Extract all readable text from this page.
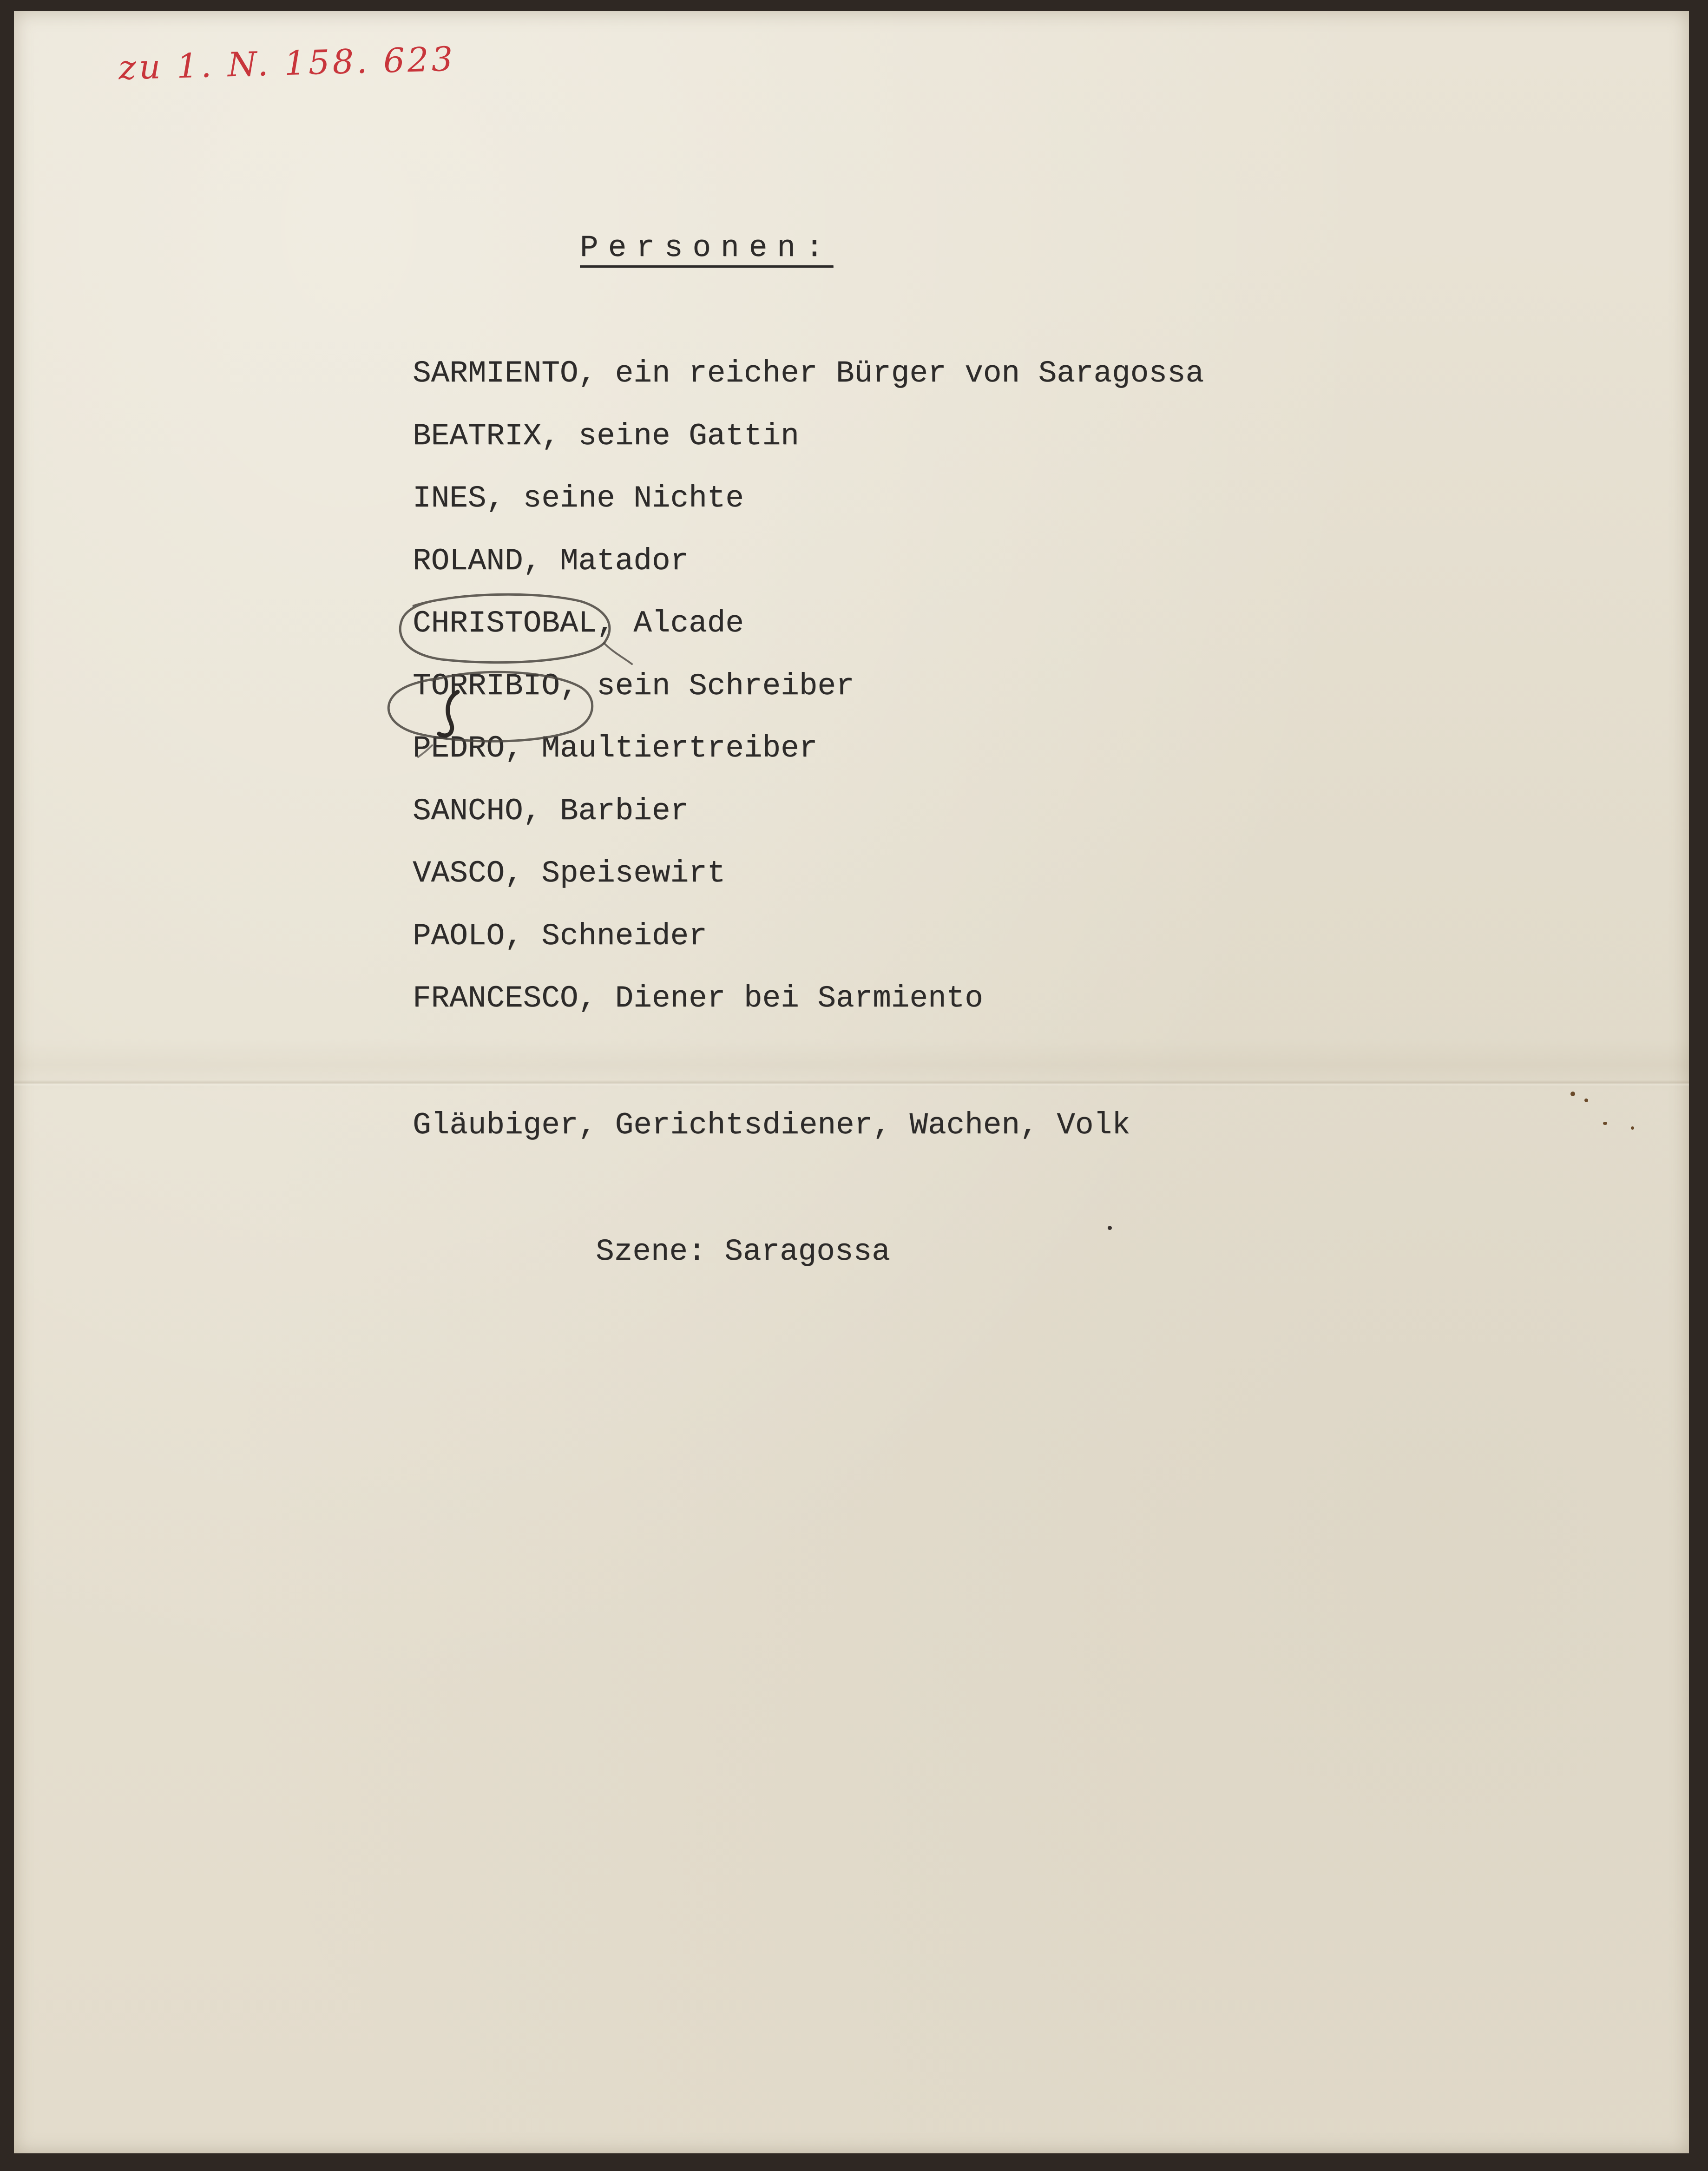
zu 1. N. 158. 623
Personen:
SARMIENTO, ein reicher Bürger von Saragossa
BEATRIX, seine Gattin
INES, seine Nichte
ROLAND, Matador
CHRISTOBAL, Alcade
TORRIBIO, sein Schreiber
PEDRO, Maultiertreiber
SANCHO, Barbier
VASCO, Speisewirt
PAOLO, Schneider
FRANCESCO, Diener bei Sarmiento
Gläubiger, Gerichtsdiener, Wachen, Volk
Szene: Saragossa
